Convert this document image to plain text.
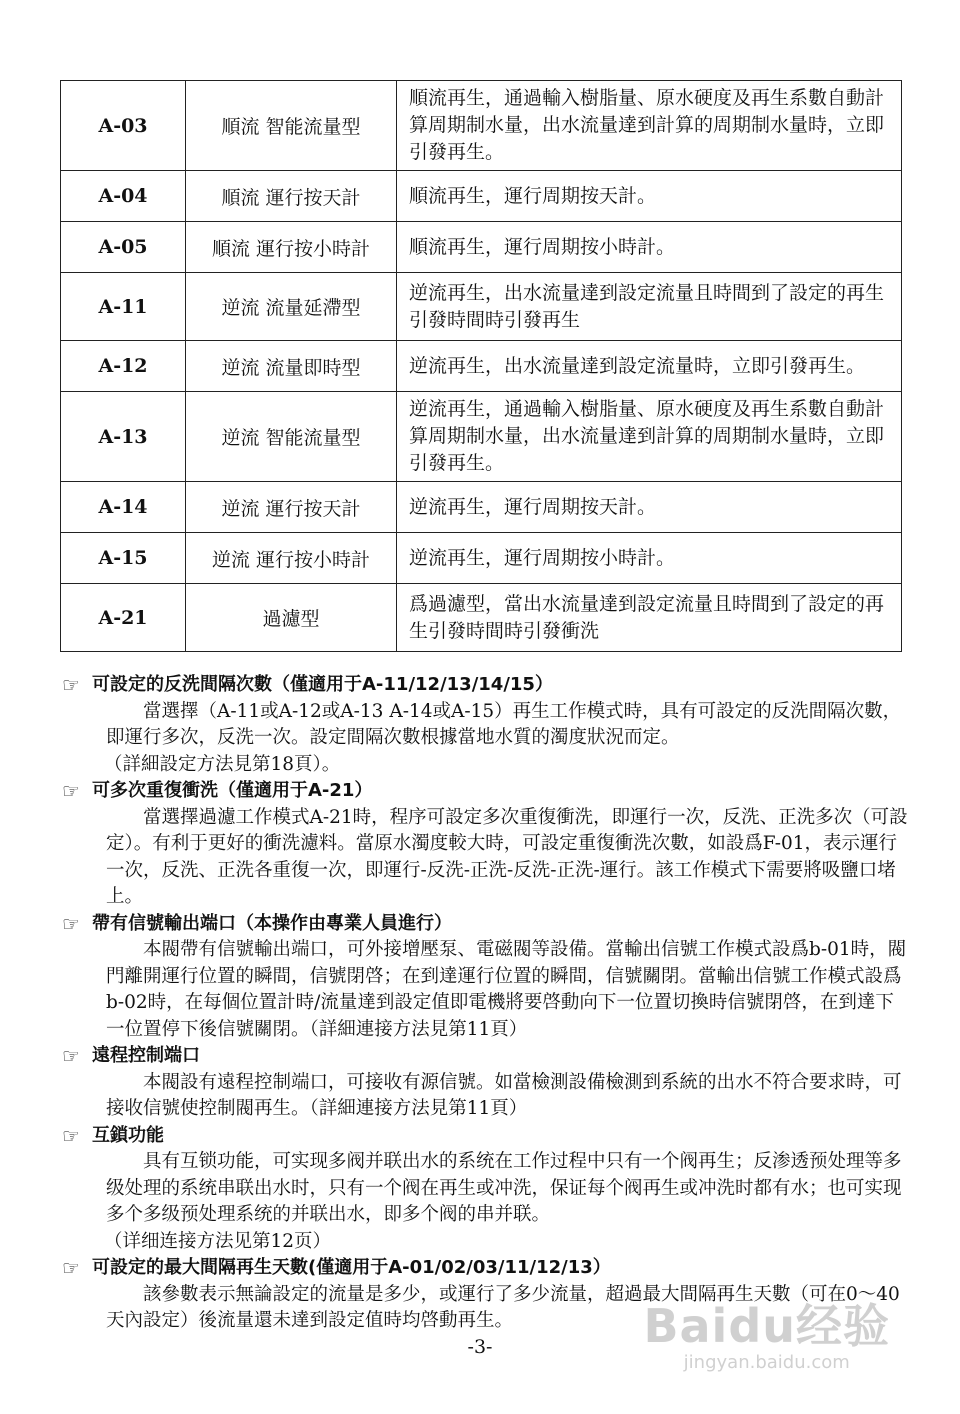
A-03	順流 智能流量型	順流再生，通過輸入樹脂量、原水硬度及再生系數自動計算周期制水量，出水流量達到計算的周期制水量時，立即引發再生。
A-04	順流 運行按天計	順流再生，運行周期按天計。
A-05	順流 運行按小時計	順流再生，運行周期按小時計。
A-11	逆流 流量延滯型	逆流再生，出水流量達到設定流量且時間到了設定的再生引發時間時引發再生
A-12	逆流 流量即時型	逆流再生，出水流量達到設定流量時，立即引發再生。
A-13	逆流 智能流量型	逆流再生，通過輸入樹脂量、原水硬度及再生系數自動計算周期制水量，出水流量達到計算的周期制水量時，立即引發再生。
A-14	逆流 運行按天計	逆流再生，運行周期按天計。
A-15	逆流 運行按小時計	逆流再生，運行周期按小時計。
A-21	過濾型	爲過濾型，當出水流量達到設定流量且時間到了設定的再生引發時間時引發衝洗
☞ 可設定的反洗間隔次數（僅適用于A-11/12/13/14/15）

當選擇（A-11或A-12或A-13 A-14或A-15）再生工作模式時，具有可設定的反洗間隔次數，即運行多次，反洗一次。設定間隔次數根據當地水質的濁度狀況而定。

（詳細設定方法見第18頁）。

☞ 可多次重復衝洗（僅適用于A-21）

當選擇過濾工作模式A-21時，程序可設定多次重復衝洗，即運行一次，反洗、正洗多次（可設定）。有利于更好的衝洗濾料。當原水濁度較大時，可設定重復衝洗次數，如設爲F-01，表示運行一次，反洗、正洗各重復一次，即運行-反洗-正洗-反洗-正洗-運行。該工作模式下需要將吸鹽口堵上。

☞ 帶有信號輸出端口（本操作由專業人員進行）

本閥帶有信號輸出端口，可外接增壓泵、電磁閥等設備。當輸出信號工作模式設爲b-01時，閥門離開運行位置的瞬間，信號閉啓；在到達運行位置的瞬間，信號關閉。當輸出信號工作模式設爲b-02時，在每個位置計時/流量達到設定值即電機將要啓動向下一位置切換時信號閉啓，在到達下一位置停下後信號關閉。（詳細連接方法見第11頁）

☞ 遠程控制端口

本閥設有遠程控制端口，可接收有源信號。如當檢測設備檢測到系統的出水不符合要求時，可接收信號使控制閥再生。（詳細連接方法見第11頁）

☞ 互鎖功能

具有互锁功能，可实现多阀并联出水的系统在工作过程中只有一个阀再生；反渗透预处理等多级处理的系统串联出水时，只有一个阀在再生或冲洗，保证每个阀再生或冲洗时都有水；也可实现多个多级预处理系统的并联出水，即多个阀的串并联。

（详细连接方法见第12页）

☞ 可設定的最大間隔再生天數(僅適用于A-01/02/03/11/12/13）

該參數表示無論設定的流量是多少，或運行了多少流量，超過最大間隔再生天數（可在0～40天內設定）後流量還未達到設定值時均啓動再生。

-3-	Baidu经验
jingyan.baidu.com
